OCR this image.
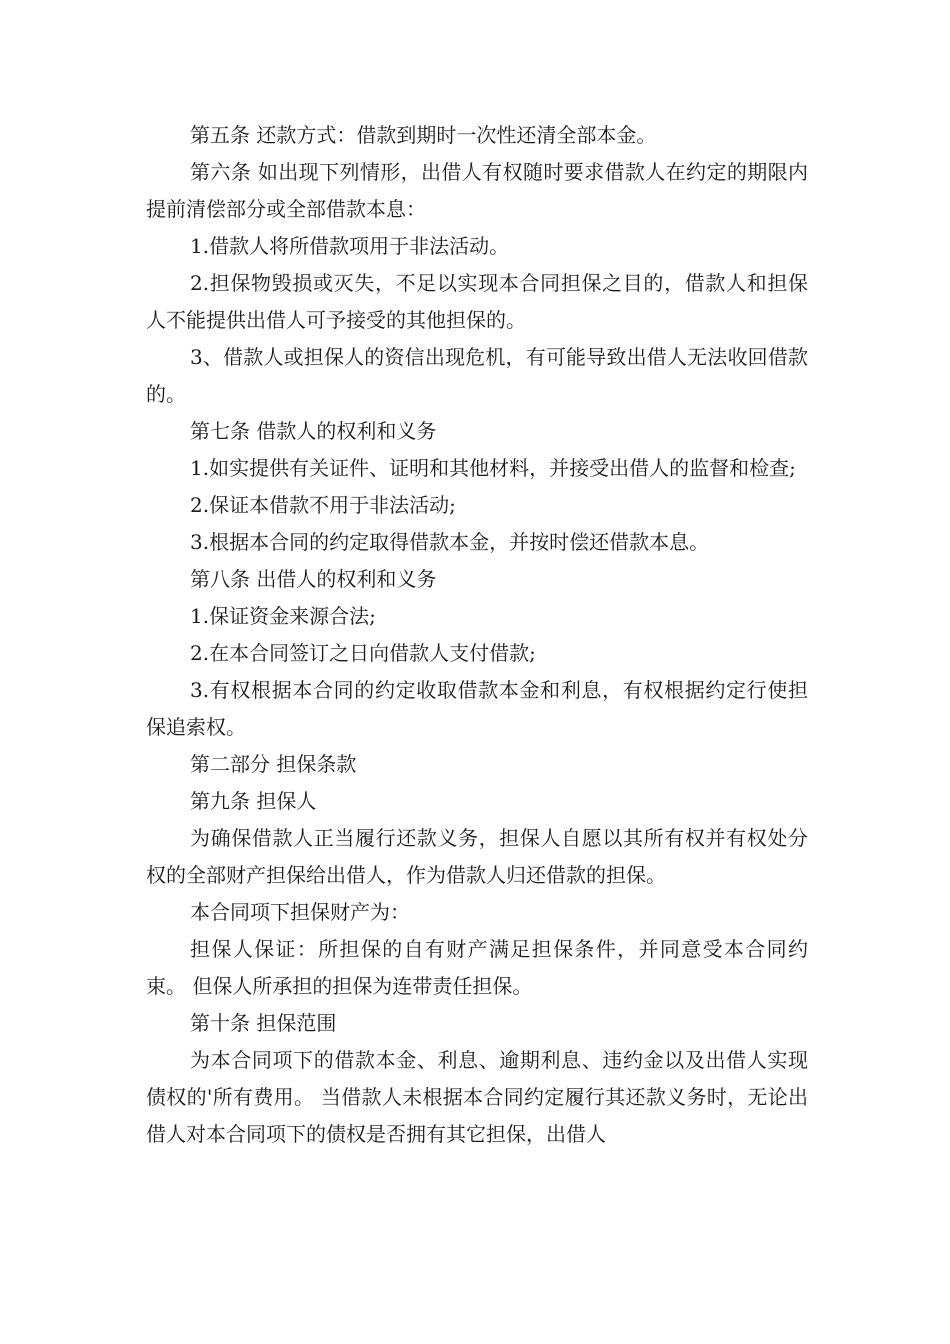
第五条 还款方式：借款到期时一次性还清全部本金。

第六条 如出现下列情形，出借人有权随时要求借款人在约定的期限内提前清偿部分或全部借款本息：

1.借款人将所借款项用于非法活动。

2.担保物毁损或灭失，不足以实现本合同担保之目的，借款人和担保人不能提供出借人可予接受的其他担保的。

3、借款人或担保人的资信出现危机，有可能导致出借人无法收回借款的。

第七条 借款人的权利和义务

1.如实提供有关证件、证明和其他材料，并接受出借人的监督和检查;

2.保证本借款不用于非法活动;

3.根据本合同的约定取得借款本金，并按时偿还借款本息。

第八条 出借人的权利和义务

1.保证资金来源合法;

2.在本合同签订之日向借款人支付借款;

3.有权根据本合同的约定收取借款本金和利息，有权根据约定行使担保追索权。

第二部分 担保条款

第九条 担保人

为确保借款人正当履行还款义务，担保人自愿以其所有权并有权处分权的全部财产担保给出借人，作为借款人归还借款的担保。

本合同项下担保财产为：

担保人保证：所担保的自有财产满足担保条件，并同意受本合同约束。 但保人所承担的担保为连带责任担保。

第十条 担保范围

为本合同项下的借款本金、利息、逾期利息、违约金以及出借人实现债权的'所有费用。 当借款人未根据本合同约定履行其还款义务时，无论出借人对本合同项下的债权是否拥有其它担保，出借人
